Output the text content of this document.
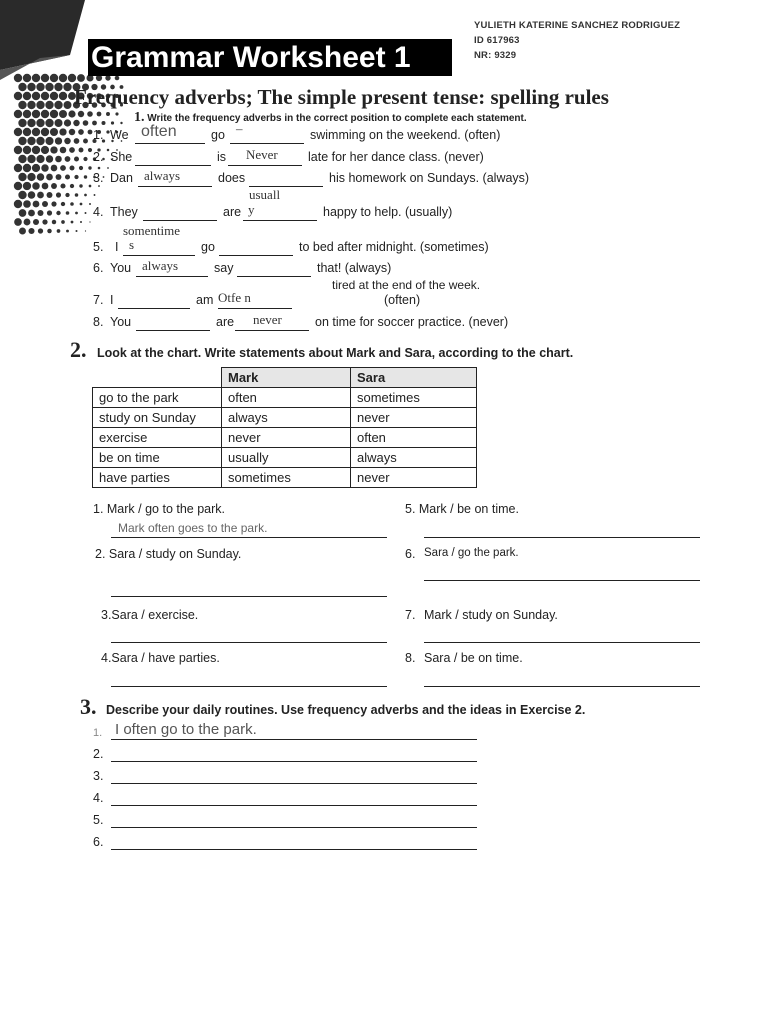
YULIETH KATERINE SANCHEZ RODRIGUEZ
ID 617963
NR: 9329
Grammar Worksheet 1
Frequency adverbs; The simple present tense: spelling rules
1. Write the frequency adverbs in the correct position to complete each statement.
1. We	go	swimming on the weekend. (often)
often	–
2. She	is	late for her dance class. (never)
Never
3. Dan	does	his homework on Sundays. (always)
always
usuall
4. They	are	happy to help. (usually)
y
somentime
5. I	go	to bed after midnight. (sometimes)
s
6. You	say	that! (always)
always
7. I	am	(often)
tired at the end of the week.
Otfe n
8. You	are	on time for soccer practice. (never)
never
2. Look at the chart. Write statements about Mark and Sara, according to the chart.
	Mark	Sara
go to the park	often	sometimes
study on Sunday	always	never
exercise	never	often
be on time	usually	always
have parties	sometimes	never
1. Mark / go to the park.
Mark often goes to the park.
2. Sara / study on Sunday.
3.Sara / exercise.
4.Sara / have parties.
5. Mark / be on time.
6. Sara / go the park.
7. Mark / study on Sunday.
8. Sara / be on time.
3. Describe your daily routines. Use frequency adverbs and the ideas in Exercise 2.
1. I often go to the park.
2.
3.
4.
5.
6.
